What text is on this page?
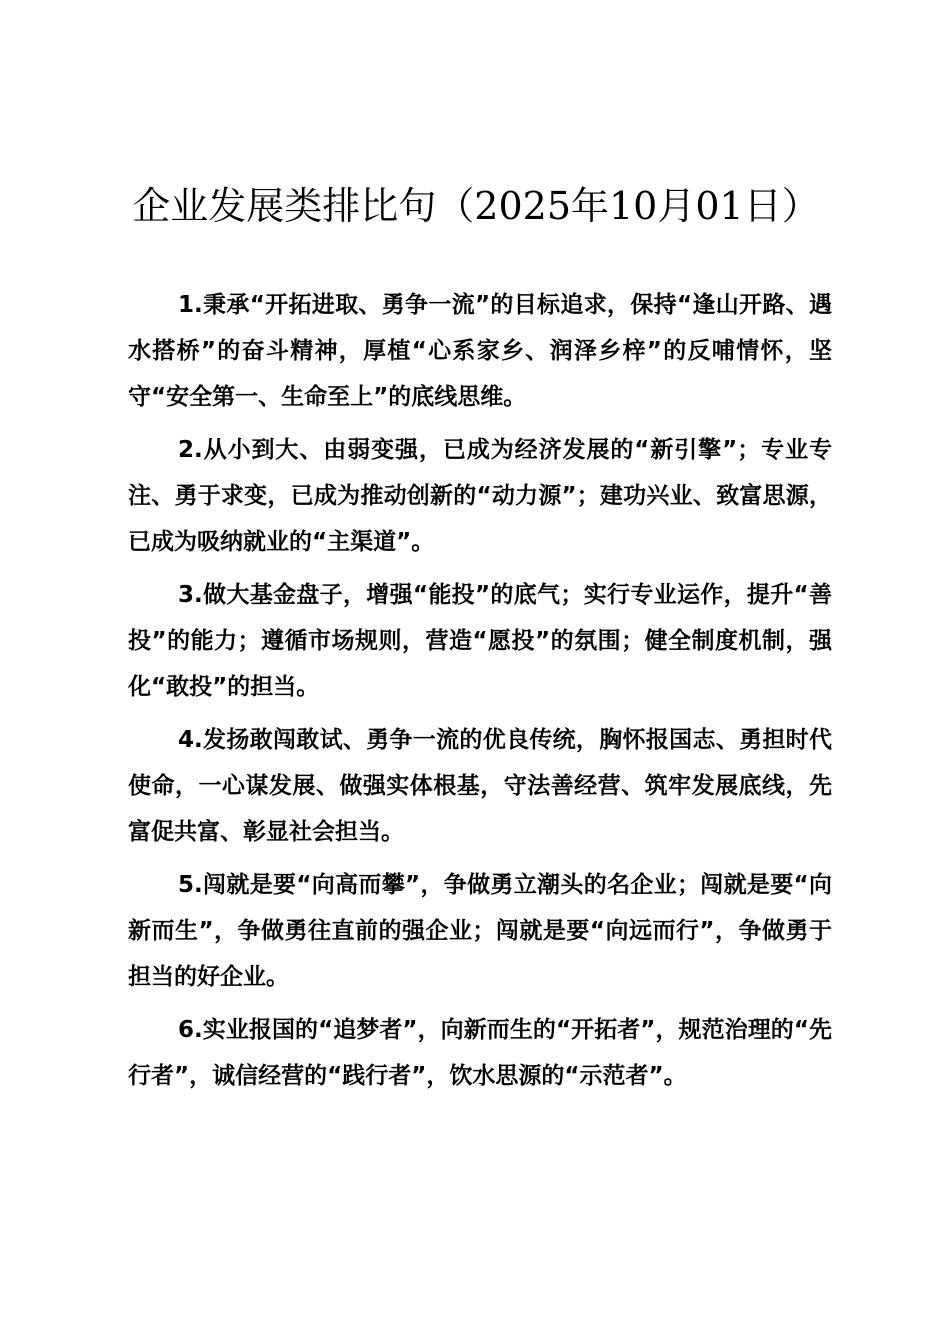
企业发展类排比句（2025年10月01日）

1.秉承“开拓进取、勇争一流”的目标追求，保持“逢山开路、遇水搭桥”的奋斗精神，厚植“心系家乡、润泽乡梓”的反哺情怀，坚守“安全第一、生命至上”的底线思维。

2.从小到大、由弱变强，已成为经济发展的“新引擎”；专业专注、勇于求变，已成为推动创新的“动力源”；建功兴业、致富思源，已成为吸纳就业的“主渠道”。

3.做大基金盘子，增强“能投”的底气；实行专业运作，提升“善投”的能力；遵循市场规则，营造“愿投”的氛围；健全制度机制，强化“敢投”的担当。

4.发扬敢闯敢试、勇争一流的优良传统，胸怀报国志、勇担时代使命，一心谋发展、做强实体根基，守法善经营、筑牢发展底线，先富促共富、彰显社会担当。

5.闯就是要“向高而攀”，争做勇立潮头的名企业；闯就是要“向新而生”，争做勇往直前的强企业；闯就是要“向远而行”，争做勇于担当的好企业。

6.实业报国的“追梦者”，向新而生的“开拓者”，规范治理的“先行者”，诚信经营的“践行者”，饮水思源的“示范者”。
